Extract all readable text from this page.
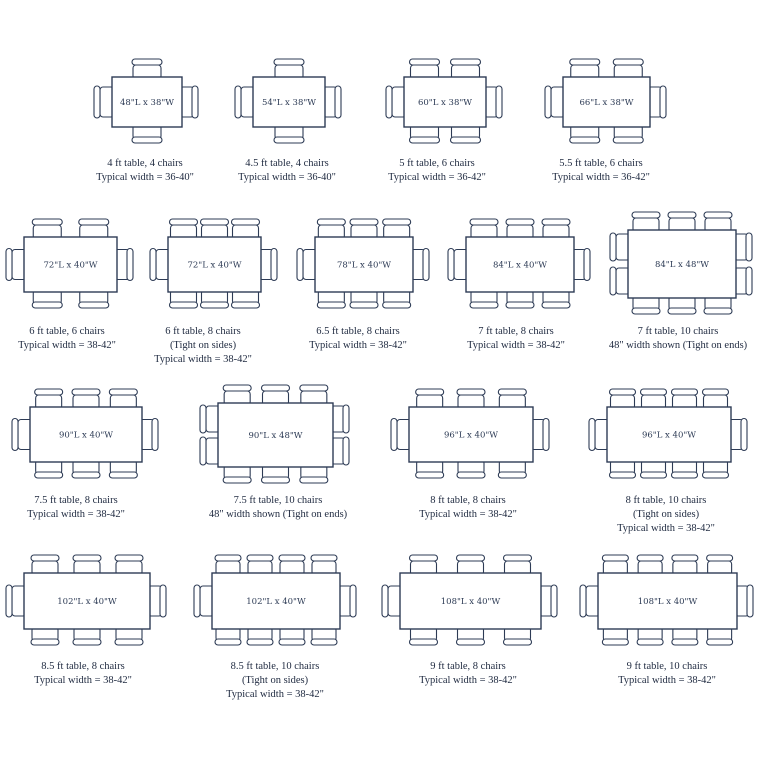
48"L x 38"W
4 ft table, 4 chairs
Typical width = 36-40"
54"L x 38"W
4.5 ft table, 4 chairs
Typical width = 36-40"
60"L x 38"W
5 ft table, 6 chairs
Typical width = 36-42"
66"L x 38"W
5.5 ft table, 6 chairs
Typical width = 36-42"
72"L x 40"W
6 ft table, 6 chairs
Typical width = 38-42"
72"L x 40"W
6 ft table, 8 chairs
(Tight on sides)
Typical width = 38-42"
78"L x 40"W
6.5 ft table, 8 chairs
Typical width = 38-42"
84"L x 40"W
7 ft table, 8 chairs
Typical width = 38-42"
84"L x 48"W
7 ft table, 10 chairs
48" width shown (Tight on ends)
90"L x 40"W
7.5 ft table, 8 chairs
Typical width = 38-42"
90"L x 48"W
7.5 ft table, 10 chairs
48" width shown (Tight on ends)
96"L x 40"W
8 ft table, 8 chairs
Typical width = 38-42"
96"L x 40"W
8 ft table, 10 chairs
(Tight on sides)
Typical width = 38-42"
102"L x 40"W
8.5 ft table, 8 chairs
Typical width = 38-42"
102"L x 40"W
8.5 ft table, 10 chairs
(Tight on sides)
Typical width = 38-42"
108"L x 40"W
9 ft table, 8 chairs
Typical width = 38-42"
108"L x 40"W
9 ft table, 10 chairs
Typical width = 38-42"
